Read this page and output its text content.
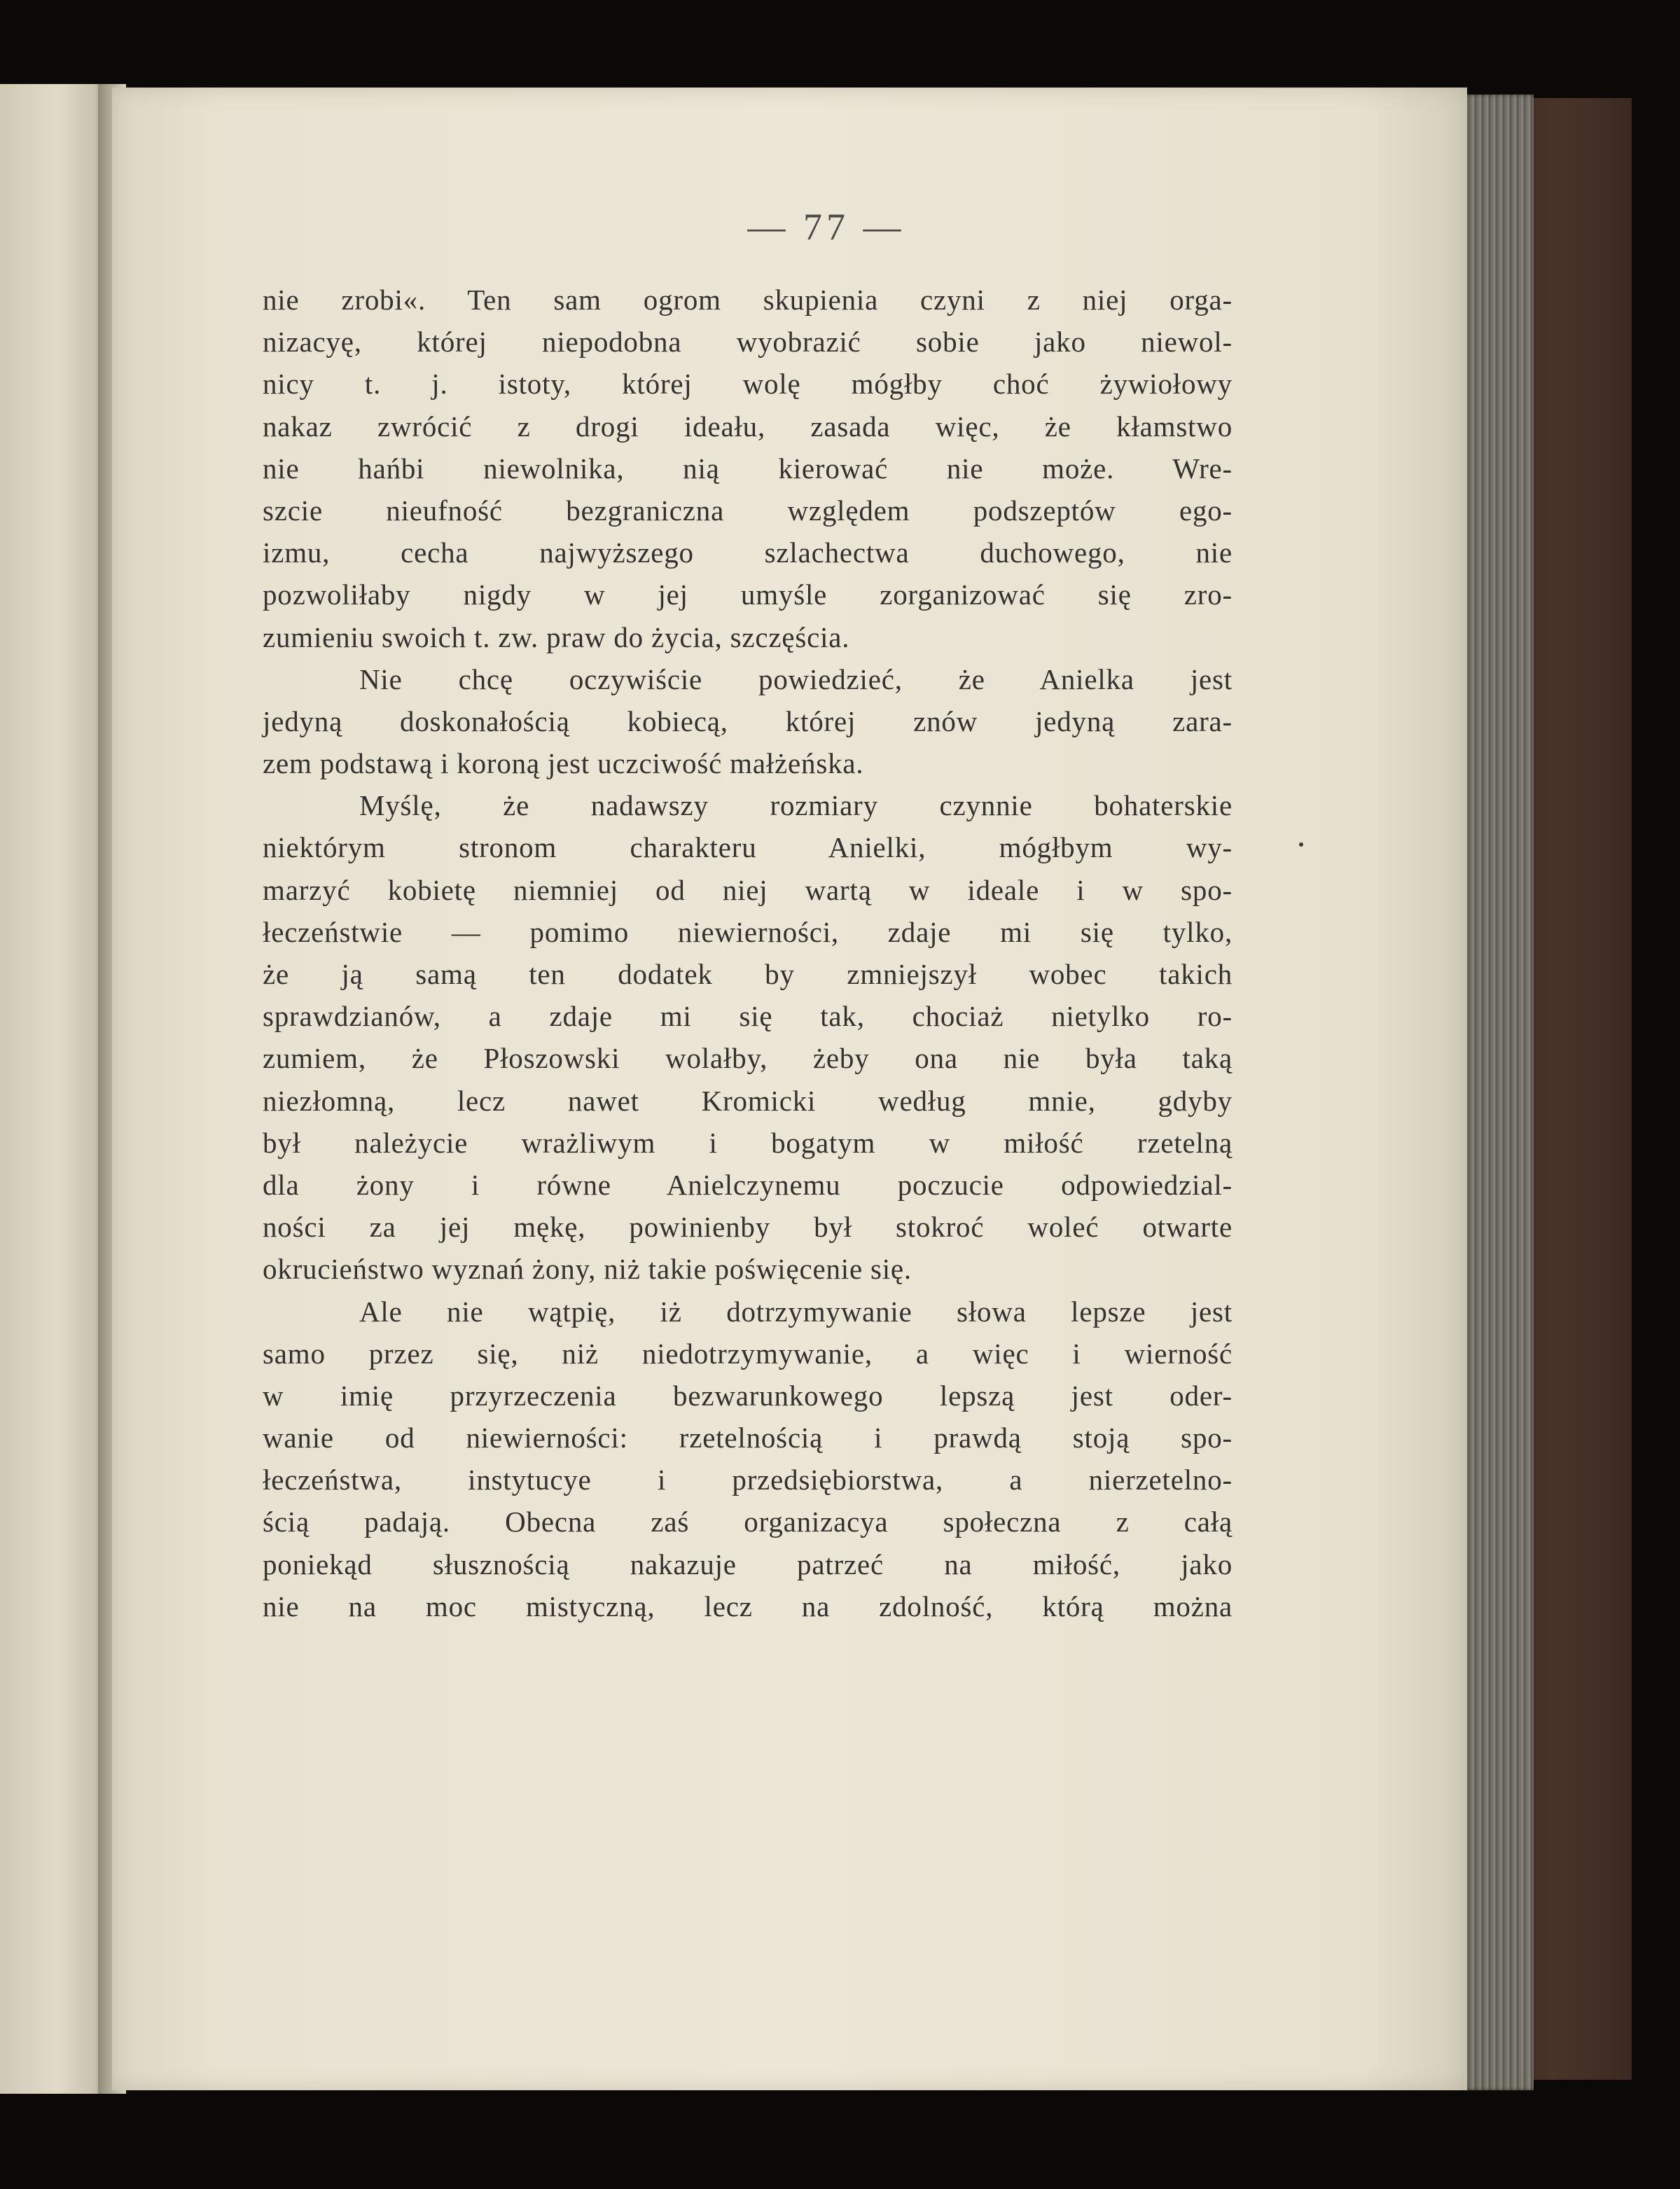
— 77 —
nie zrobi«. Ten sam ogrom skupienia czyni z niej orga-
nizacyę, której niepodobna wyobrazić sobie jako niewol-
nicy t. j. istoty, której wolę mógłby choć żywiołowy
nakaz zwrócić z drogi ideału, zasada więc, że kłamstwo
nie hańbi niewolnika, nią kierować nie może. Wre-
szcie nieufność bezgraniczna względem podszeptów ego-
izmu, cecha najwyższego szlachectwa duchowego, nie
pozwoliłaby nigdy w jej umyśle zorganizować się zro-
zumieniu swoich t. zw. praw do życia, szczęścia.
Nie chcę oczywiście powiedzieć, że Anielka jest
jedyną doskonałością kobiecą, której znów jedyną zara-
zem podstawą i koroną jest uczciwość małżeńska.
Myślę, że nadawszy rozmiary czynnie bohaterskie
niektórym stronom charakteru Anielki, mógłbym wy-
marzyć kobietę niemniej od niej wartą w ideale i w spo-
łeczeństwie — pomimo niewierności, zdaje mi się tylko,
że ją samą ten dodatek by zmniejszył wobec takich
sprawdzianów, a zdaje mi się tak, chociaż nietylko ro-
zumiem, że Płoszowski wolałby, żeby ona nie była taką
niezłomną, lecz nawet Kromicki według mnie, gdyby
był należycie wrażliwym i bogatym w miłość rzetelną
dla żony i równe Anielczynemu poczucie odpowiedzial-
ności za jej mękę, powinienby był stokroć woleć otwarte
okrucieństwo wyznań żony, niż takie poświęcenie się.
Ale nie wątpię, iż dotrzymywanie słowa lepsze jest
samo przez się, niż niedotrzymywanie, a więc i wierność
w imię przyrzeczenia bezwarunkowego lepszą jest oder-
wanie od niewierności: rzetelnością i prawdą stoją spo-
łeczeństwa, instytucye i przedsiębiorstwa, a nierzetelno-
ścią padają. Obecna zaś organizacya społeczna z całą
poniekąd słusznością nakazuje patrzeć na miłość, jako
nie na moc mistyczną, lecz na zdolność, którą można
